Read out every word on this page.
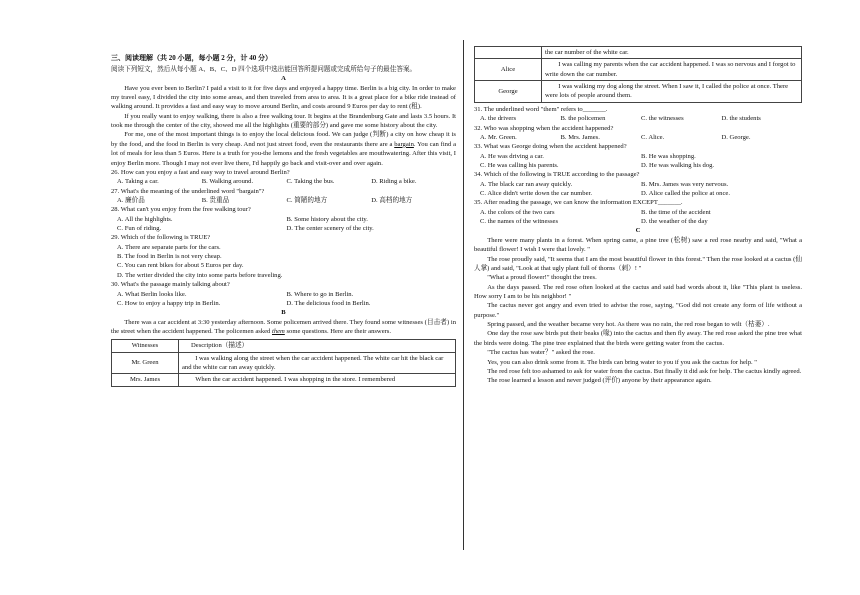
三、阅读理解（共 20 小题，每小题 2 分，计 40 分）

阅读下列短文，然后从每小题 A、B、C、D 四个选项中选出能回答所提问题或完成所给句子的最佳答案。

A

Have you ever been to Berlin? I paid a visit to it for five days and enjoyed a happy time. Berlin is a big city. In order to make my travel easy, I divided the city into some areas, and then traveled from area to area. It is a great place for a bike ride instead of walking around. It provides a fast and easy way to move around Berlin, and costs around 9 Euros per day to rent (租).

If you really want to enjoy walking, there is also a free walking tour. It begins at the Brandenburg Gate and lasts 3.5 hours. It took me through the center of the city, showed me all the highlights (重要的部分) and gave me some history about the city.

For me, one of the most important things is to enjoy the local delicious food. We can judge (判断) a city on how cheap it is by the food, and the food in Berlin is very cheap. And not just street food, even the restaurants there are a bargain. You can find a lot of meals for less than 5 Euros. Here is a truth for you-the lemons and the fresh vegetables are mouthwatering. After this visit, I enjoy Berlin more. Though I may not ever live there, I'd happily go back and visit-over and over again.

26. How can you enjoy a fast and easy way to travel around Berlin?

A. Taking a car.	B. Walking around.	C. Taking the bus.	D. Riding a bike.

27. What's the meaning of the underlined word "bargain"?

A. 廉价品	B. 贵重品	C. 简陋的地方	D. 高档的地方

28. What can't you enjoy from the free walking tour?

A. All the highlights.	B. Some history about the city.
C. Fun of riding.	D. The center scenery of the city.

29. Which of the following is TRUE?

A. There are separate parts for the cars.
B. The food in Berlin is not very cheap.
C. You can rent bikes for about 5 Euros per day.
D. The writer divided the city into some parts before traveling.

30. What's the passage mainly talking about?

A. What Berlin looks like.	B. Where to go in Berlin.
C. How to enjoy a happy trip in Berlin.	D. The delicious food in Berlin.

B

There was a car accident at 3:30 yesterday afternoon. Some policemen arrived there. They found some witnesses (目击者) in the street when the accident happened. The policemen asked them some questions. Here are their answers.

Witnesses	Description（描述）
Mr. Green	I was walking along the street when the car accident happened. The white car hit the black car and the white car ran away quickly.
Mrs. James	When the car accident happened. I was shopping in the store. I remembered
	the car number of the white car.
Alice	I was calling my parents when the car accident happened. I was so nervous and I forgot to write down the car number.
George	I was walking my dog along the street. When I saw it, I called the police at once. There were lots of people around them.

31. The underlined word "them" refers to_______.

A. the drivers	B. the policemen	C. the witnesses	D. the students

32. Who was shopping when the accident happened?

A. Mr. Green.	B. Mrs. James.	C. Alice.	D. George.

33. What was George doing when the accident happened?

A. He was driving a car.	B. He was shopping.
C. He was calling his parents.	D. He was walking his dog.

34. Which of the following is TRUE according to the passage?

A. The black car ran away quickly.	B. Mrs. James was very nervous.
C. Alice didn't write down the car number.	D. Alice called the police at once.

35. After reading the passage, we can know the information EXCEPT_______.

A. the colors of the two cars	B. the time of the accident
C. the names of the witnesses	D. the weather of the day

C

There were many plants in a forest. When spring came, a pine tree (松树) saw a red rose nearby and said, "What a beautiful flower! I wish I were that lovely. "

The rose proudly said, "It seems that I am the most beautiful flower in this forest." Then the rose looked at a cactus (仙人掌) and said, "Look at that ugly plant full of thorns（刺）! "

"What a proud flower!" thought the trees.

As the days passed. The red rose often looked at the cactus and said bad words about it, like "This plant is useless. How sorry I am to be his neighbor! "

The cactus never got angry and even tried to advise the rose, saying, "God did not create any form of life without a purpose."

Spring passed, and the weather became very hot. As there was no rain, the red rose began to wilt（枯萎）.

One day the rose saw birds put their beaks (喙) into the cactus and then fly away. The red rose asked the pine tree what the birds were doing. The pine tree explained that the birds were getting water from the cactus.

"The cactus has water？" asked the rose.

Yes, you can also drink some from it. The birds can bring water to you if you ask the cactus for help. "

The red rose felt too ashamed to ask for water from the cactus. But finally it did ask for help. The cactus kindly agreed.

The rose learned a lesson and never judged (评价) anyone by their appearance again.
